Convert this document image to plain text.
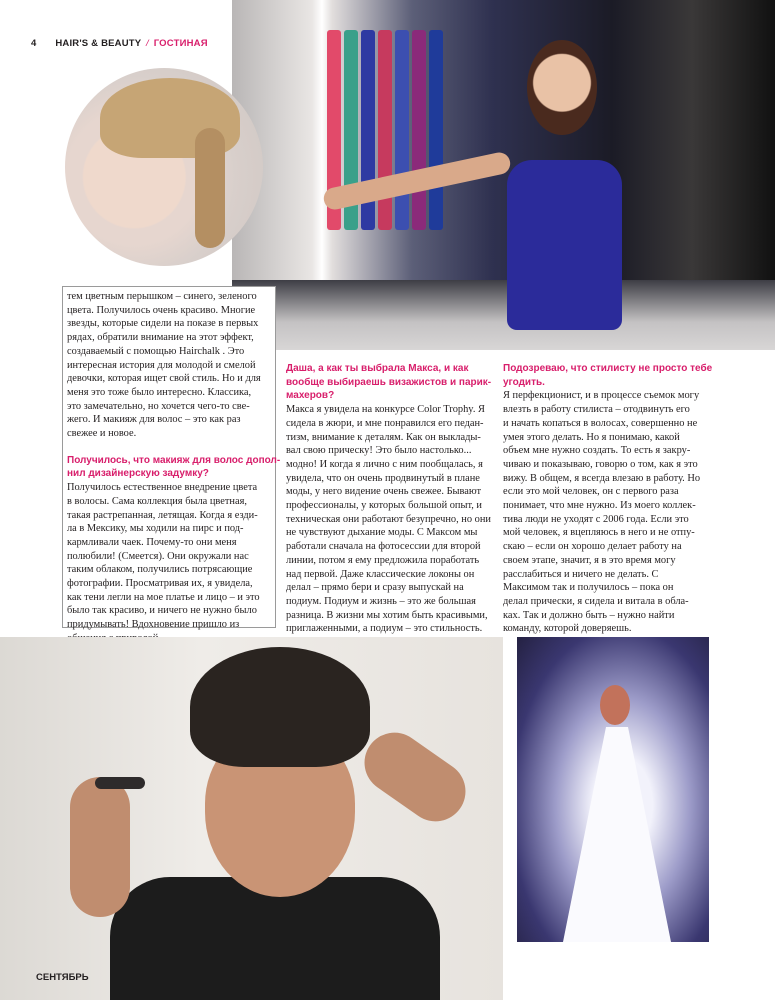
4 HAIR'S & BEAUTY / ГОСТИНАЯ

тем цветным перышком – синего, зеленого

цвета. Получилось очень красиво. Многие

звезды, которые сидели на показе в первых

рядах, обратили внимание на этот эффект,

создаваемый с помощью Hairchalk . Это

интересная история для молодой и смелой

девочки, которая ищет свой стиль. Но и для

меня это тоже было интересно. Классика,

это замечательно, но хочется чего-то све-

жего. И макияж для волос – это как раз

свежее и новое.

Получилось, что макияж для волос допол-

нил дизайнерскую задумку?

Получилось естественное внедрение цвета

в волосы. Сама коллекция была цветная,

такая растрепанная, летящая. Когда я езди-

ла в Мексику, мы ходили на пирс и под-

кармливали чаек. Почему-то они меня

полюбили! (Смеется). Они окружали нас

таким облаком, получились потрясающие

фотографии. Просматривая их, я увидела,

как тени легли на мое платье и лицо – и это

было так красиво, и ничего не нужно было

придумывать! Вдохновение пришло из

Даша, а как ты выбрала Макса, и как

вообще выбираешь визажистов и парик-

махеров?

Макса я увидела на конкурсе Color Trophy. Я

сидела в жюри, и мне понравился его педан-

тизм, внимание к деталям. Как он выклады-

вал свою прическу! Это было настолько...

модно! И когда я лично с ним пообщалась, я

увидела, что он очень продвинутый в плане

моды, у него видение очень свежее. Бывают

профессионалы, у которых большой опыт, и

техническая они работают безупречно, но они

не чувствуют дыхание моды. С Максом мы

работали сначала на фотосессии для второй

линии, потом я ему предложила поработать

над первой. Даже классические локоны он

делал – прямо бери и сразу выпускай на

подиум. Подиум и жизнь – это же большая

разница. В жизни мы хотим быть красивыми,

приглаженными, а подиум – это стильность.

Подозреваю, что стилисту не просто тебе

угодить.

Я перфекционист, и в процессе съемок могу

влезть в работу стилиста – отодвинуть его

и начать копаться в волосах, совершенно не

умея этого делать. Но я понимаю, какой

объем мне нужно создать. То есть я закру-

чиваю и показываю, говорю о том, как я это

вижу. В общем, я всегда влезаю в работу. Но

если это мой человек, он с первого раза

понимает, что мне нужно. Из моего коллек-

тива люди не уходят с 2006 года. Если это

мой человек, я вцепляюсь в него и не отпу-

скаю – если он хорошо делает работу на

своем этапе, значит, я в это время могу

расслабиться и ничего не делать. С

Максимом так и получилось – пока он

делал прически, я сидела и витала в обла-

ках. Так и должно быть – нужно найти

команду, которой доверяешь.

СЕНТЯБРЬ
